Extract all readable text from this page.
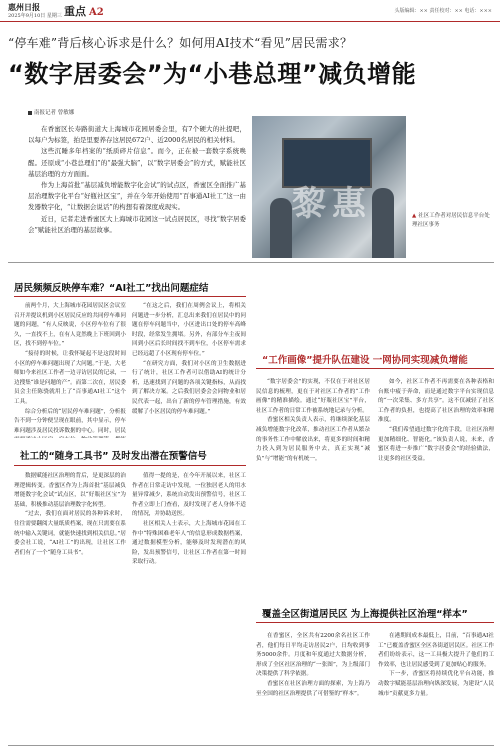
惠州日报
2025年9月10日 星期三 重点 A2	头版编辑：×× 责任校对：×× 电话：×××
“停车难”背后核心诉求是什么？如何用AI技术“看见”居民需求？
“数字居委会”为“小巷总理”减负增能
南报记者 曾敏娜

在香蜜区长寿路街道大上海城市花园居委会里，有7个硬大的社提吧，以每户为标签，拍是里要养存这居民672户、近2000名居民的相关材料。

这些沉睡多年档案的“纸质碎片信息”。而今，正在被一套数字系统唤醒。还原成“小巷总理们”的“最强大脑”，以“数字居委会”的方式，赋能社区基层治理的方方面面。

作为上海首批“基层减负增能数字化会试”的试点区，香蜜区全面推广基层治理数字化平台“好瓶社区宝”，并在今年开始使用“百事通AI社工”这一由发器数字化，“让数据会说话”的构想有着深度成现实。

近日，记者走进香蜜区大上海城市花园这一试点居民区，寻找“数字居委会”赋能社区治理的基层故事。

黎惠	▲ 社区工作者对居民信息平台处理社区事务
居民频频反映停车难？“AI社工”找出问题症结

前两个月，大上海城市花园居民区会议室召开并提议机到小区居民反应的共同停车难问题的问题，“有人反映说，小区停车位有了很久，一直找不上，在有人竟然晚上下班回到小区，找不到停车位。”

“接待的时候，让我怀疑起不是这段时间小区的停车难问题出现了大问题。”于是，大老师如今来社区工作者一边寻访居民的记录，一边搜集“谁是问题的产”。而第二次在，居民委员会主任陈骁就用上了“百事通AI社工”这个工具。

综合分析后的“居民停车难问题”，分析报告不到一分钟便呈现在眼前，其中显示，停车难问题涉及居民投诉数据的中心。同时，居民

“在这之后，我们在周例会议上，将相关问题进一步分析，汇总出来我们在居民中的问题在停车问题当中，小区进出口处的停车高峰时段，经常发生拥堵。另外，有部分车主夜间回到小区后长时间找不到车位，小区停车需求已经远超了小区现有停车位。”

“在研究方面，我们对小区的卫生数据进行了统计，社区工作者可以借助AI的统计分析，迅速找到了问题的各项关键指标，从而找到了解决方案。之后我们居委会会同物业和居民代表一起，出台了新的停车管理措施，有效缓解了小区居民的停车难问题。”

社工的“随身工具书” 及时发出潜在预警信号

数据赋能社区治理的背后，是更深层的治理逻辑转变。香蜜区作为上海首批“基层减负增能数字化会试”试点区，以“好瓶社区宝”为基础，积极推动基层治理数字化转型。

“过去，我们在面对居民的各种诉求时，往往需要翻阅大量纸质档案，现在只需要在系统中输入关键词，就能快速找到相关信息。”居委会社工说，“AI社工”的出现，让社区工作者们有了一个“随身工具书”。

值得一提的是，在今年开展以来，社区工作者在日常走访中发现，一位独居老人的用水量异常减少，系统自动发出预警信号，社区工作者立即上门查看，及时发现了老人身体不适的情况，并协助送医。

社区相关人士表示，大上海城市花园在工作中“特殊困难老年人”的信息形成数据档案，通过数据模型分析，能够及时发现潜在的风险，发出预警信号，让社区工作者在第一时间采取行动。

“工作画像”提升队伍建设 一网协同实现减负增能

“数字居委会”的实现，不仅在于对社区居民信息的梳理，更在于对社区工作者的“工作画像”的精准描绘。通过“好瓶社区宝”平台，社区工作者的日常工作被系统地记录与分析。

香蜜区相关负责人表示，将继续深化基层减负增能数字化改革，推动社区工作者从繁杂的事务性工作中解放出来，将更多的时间和精力投入到为居民服务中去，真正实现“减负”与“增能”的有机统一。

如今，社区工作者不再需要在各种表格和台账中疲于奔命，而是通过数字平台实现信息的“一次采集、多方共享”。这不仅减轻了社区工作者的负担，也提高了社区治理的效率和精准度。

“我们希望通过数字化的手段，让社区治理更加精细化、智能化。”该负责人说，未来，香蜜区将进一步推广“数字居委会”的经验做法，让更多的社区受益。

覆盖全区街道居民区 为上海提供社区治理“样本”

在香蜜区，全区共有2200余名社区工作者，他们每日平均走访居民2户，日均收到事务5000余件。月度和年度通过大数据分析，形成了全区社区治理的“一张图”，为上级部门决策提供了科学依据。

香蜜区在社区治理方面的探索，为上海乃至全国的社区治理提供了可借鉴的“样本”。

在港期间成本最低上，目前，“百事通AI社工”已覆盖香蜜区全区各街道居民区。社区工作者们纷纷表示，这一工具极大提升了他们的工作效率，也让居民感受到了更加贴心的服务。

下一步，香蜜区将持续优化平台功能，推动数字赋能基层治理向纵深发展，为建设“人民城市”贡献更多力量。
